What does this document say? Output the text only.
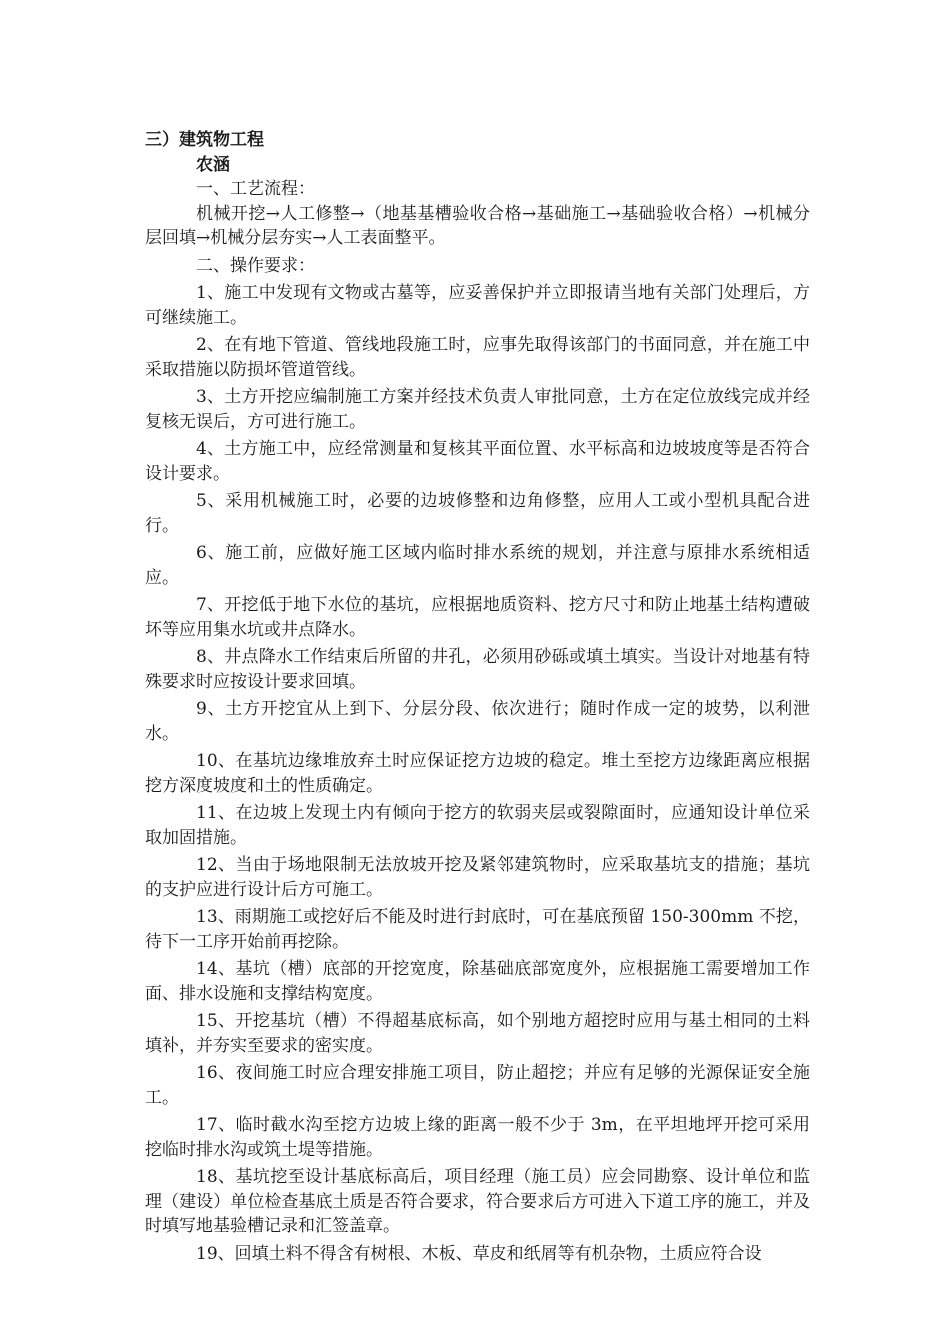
三）建筑物工程

农涵

一、工艺流程：

机械开挖→人工修整→（地基基槽验收合格→基础施工→基础验收合格）→机械分层回填→机械分层夯实→人工表面整平。

二、操作要求：

1、施工中发现有文物或古墓等，应妥善保护并立即报请当地有关部门处理后，方可继续施工。

2、在有地下管道、管线地段施工时，应事先取得该部门的书面同意，并在施工中采取措施以防损坏管道管线。

3、土方开挖应编制施工方案并经技术负责人审批同意，土方在定位放线完成并经复核无误后，方可进行施工。

4、土方施工中，应经常测量和复核其平面位置、水平标高和边坡坡度等是否符合设计要求。

5、采用机械施工时，必要的边坡修整和边角修整，应用人工或小型机具配合进行。

6、施工前，应做好施工区域内临时排水系统的规划，并注意与原排水系统相适应。

7、开挖低于地下水位的基坑，应根据地质资料、挖方尺寸和防止地基土结构遭破坏等应用集水坑或井点降水。

8、井点降水工作结束后所留的井孔，必须用砂砾或填土填实。当设计对地基有特殊要求时应按设计要求回填。

9、土方开挖宜从上到下、分层分段、依次进行；随时作成一定的坡势，以利泄水。

10、在基坑边缘堆放弃土时应保证挖方边坡的稳定。堆土至挖方边缘距离应根据挖方深度坡度和土的性质确定。

11、在边坡上发现土内有倾向于挖方的软弱夹层或裂隙面时，应通知设计单位采取加固措施。

12、当由于场地限制无法放坡开挖及紧邻建筑物时，应采取基坑支的措施；基坑的支护应进行设计后方可施工。

13、雨期施工或挖好后不能及时进行封底时，可在基底预留 150-300mm 不挖，待下一工序开始前再挖除。

14、基坑（槽）底部的开挖宽度，除基础底部宽度外，应根据施工需要增加工作面、排水设施和支撑结构宽度。

15、开挖基坑（槽）不得超基底标高，如个别地方超挖时应用与基土相同的土料填补，并夯实至要求的密实度。

16、夜间施工时应合理安排施工项目，防止超挖；并应有足够的光源保证安全施工。

17、临时截水沟至挖方边坡上缘的距离一般不少于 3m，在平坦地坪开挖可采用挖临时排水沟或筑土堤等措施。

18、基坑挖至设计基底标高后，项目经理（施工员）应会同勘察、设计单位和监理（建设）单位检查基底土质是否符合要求，符合要求后方可进入下道工序的施工，并及时填写地基验槽记录和汇签盖章。

19、回填土料不得含有树根、木板、草皮和纸屑等有机杂物，土质应符合设
